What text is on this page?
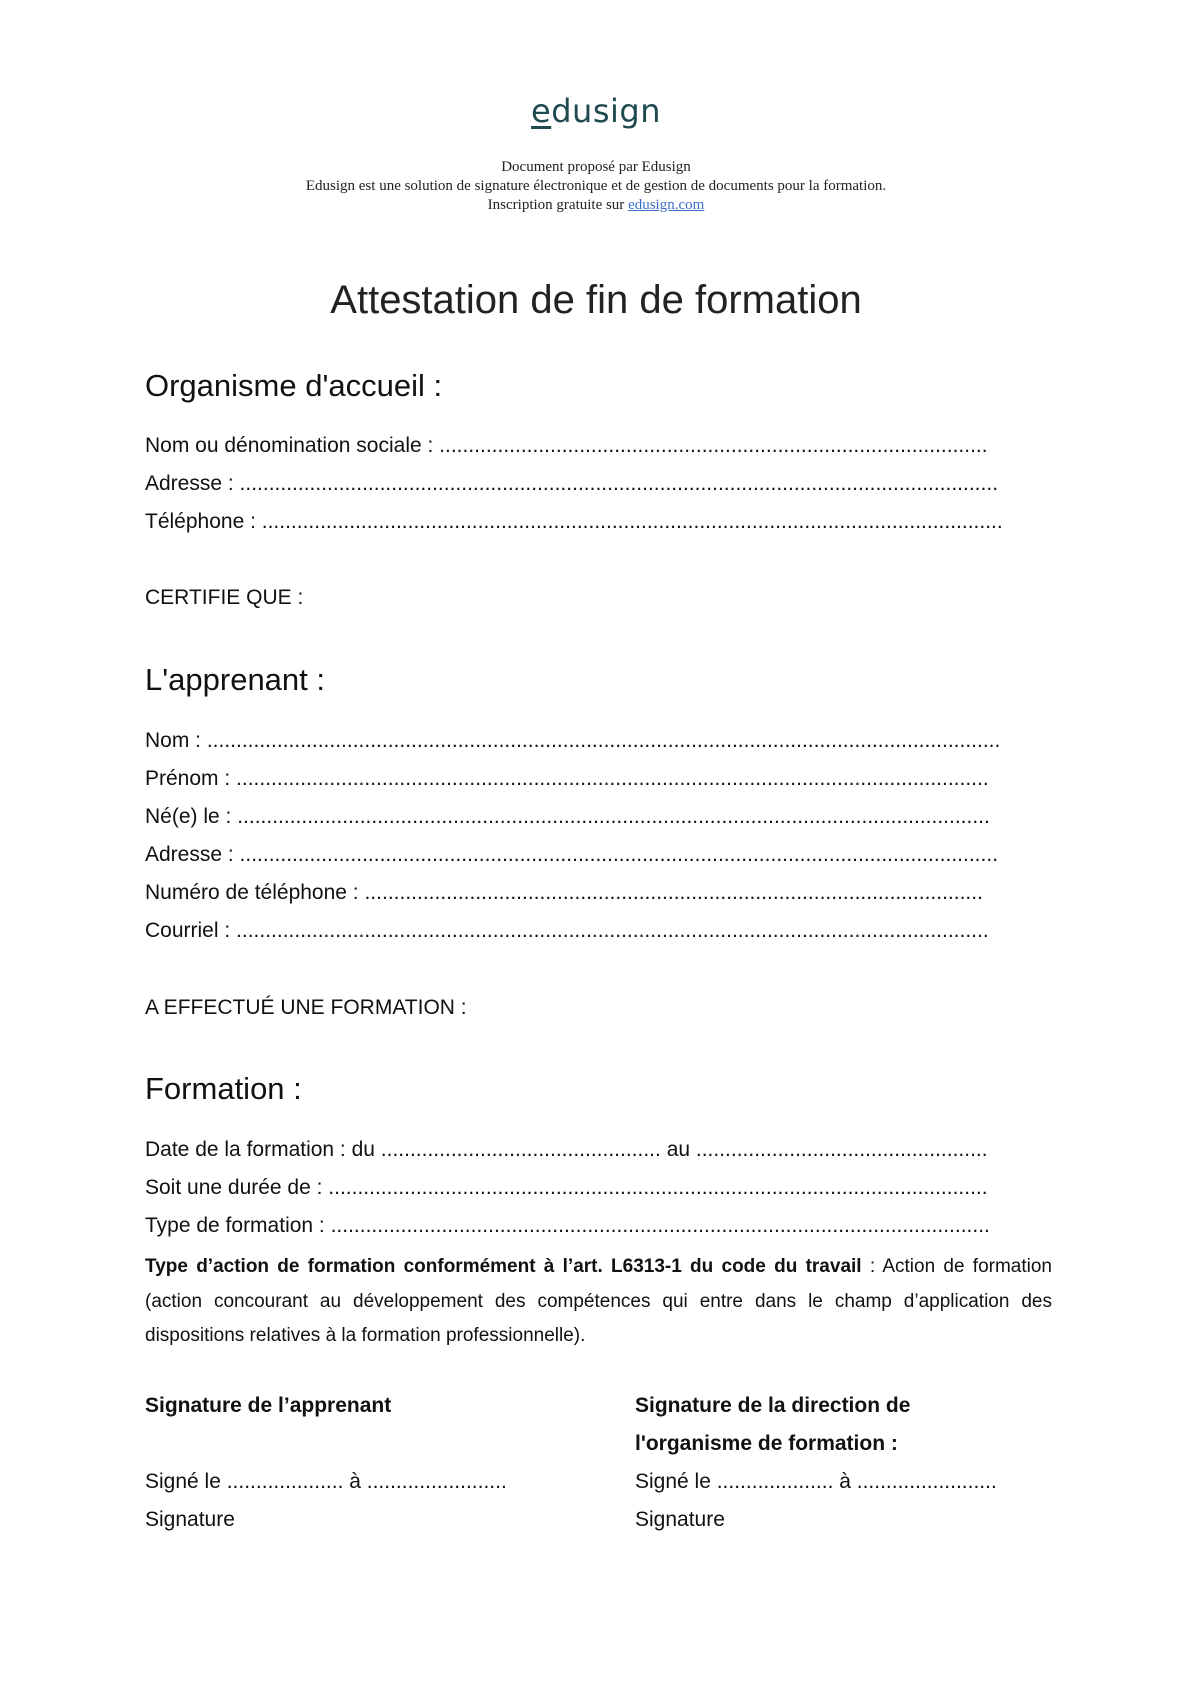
edusign
Document proposé par Edusign
Edusign est une solution de signature électronique et de gestion de documents pour la formation.
Inscription gratuite sur edusign.com
Attestation de fin de formation
Organisme d'accueil :
Nom ou dénomination sociale : ..............................................................................................
Adresse : ..................................................................................................................................
Téléphone : ...............................................................................................................................
CERTIFIE QUE :
L'apprenant :
Nom : ........................................................................................................................................
Prénom : .................................................................................................................................
Né(e) le : .................................................................................................................................
Adresse : ..................................................................................................................................
Numéro de téléphone : ..........................................................................................................
Courriel : .................................................................................................................................
A EFFECTUÉ UNE FORMATION :
Formation :
Date de la formation : du ................................................ au ..................................................
Soit une durée de : .................................................................................................................
Type de formation : .................................................................................................................
Type d’action de formation conformément à l’art. L6313-1 du code du travail : Action de formation (action concourant au développement des compétences qui entre dans le champ d’application des dispositions relatives à la formation professionnelle).
Signature de l’apprenant
Signé le .................... à ........................
Signature
Signature de la direction de
l'organisme de formation :
Signé le .................... à ........................
Signature
